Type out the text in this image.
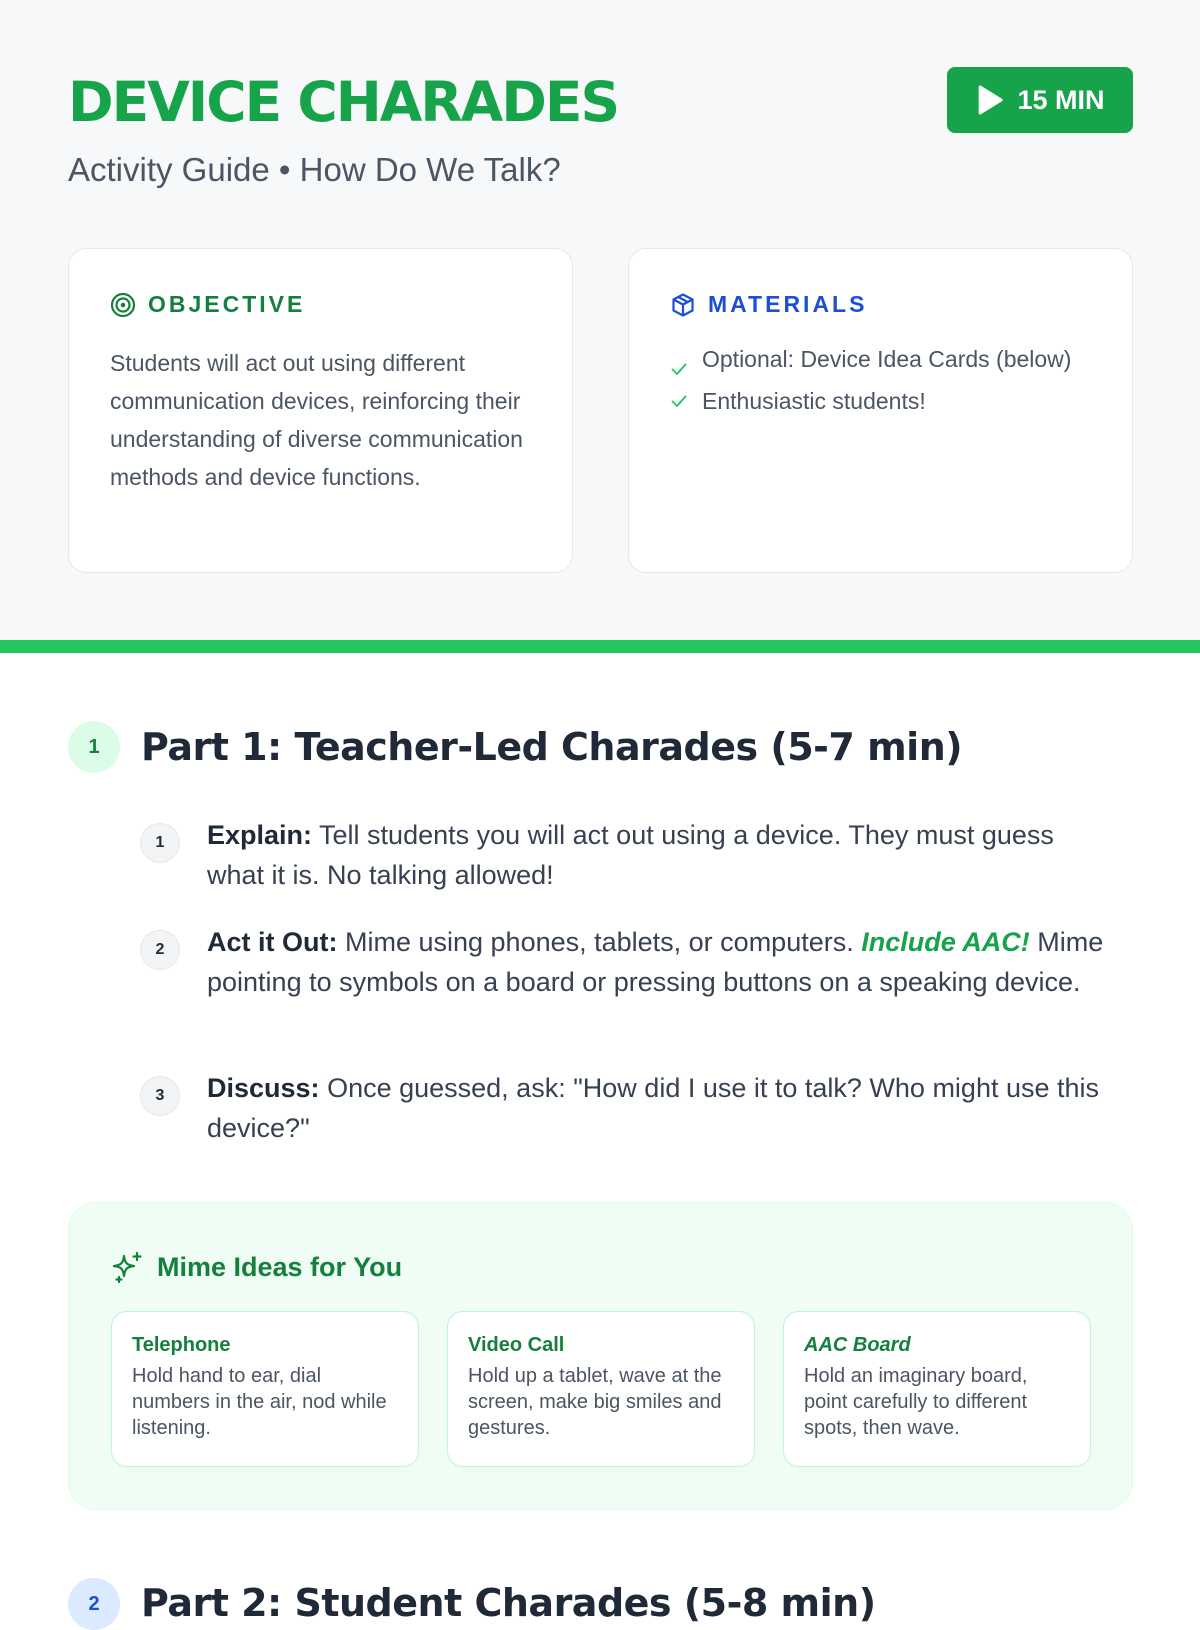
DEVICE CHARADES
Activity Guide • How Do We Talk?
15 MIN
OBJECTIVE

Students will act out using different communication devices, reinforcing their understanding of diverse communication methods and device functions.

MATERIALS
Optional: Device Idea Cards (below)
Enthusiastic students!
1	Part 1: Teacher-Led Charades (5-7 min)
1	Explain: Tell students you will act out using a device. They must guess what it is. No talking allowed!

2	Act it Out: Mime using phones, tablets, or computers. Include AAC! Mime pointing to symbols on a board or pressing buttons on a speaking device.

3	Discuss: Once guessed, ask: "How did I use it to talk? Who might use this device?"

Mime Ideas for You
Telephone
Hold hand to ear, dial numbers in the air, nod while listening.
Video Call
Hold up a tablet, wave at the screen, make big smiles and gestures.
AAC Board
Hold an imaginary board, point carefully to different spots, then wave.
2	Part 2: Student Charades (5-8 min)
